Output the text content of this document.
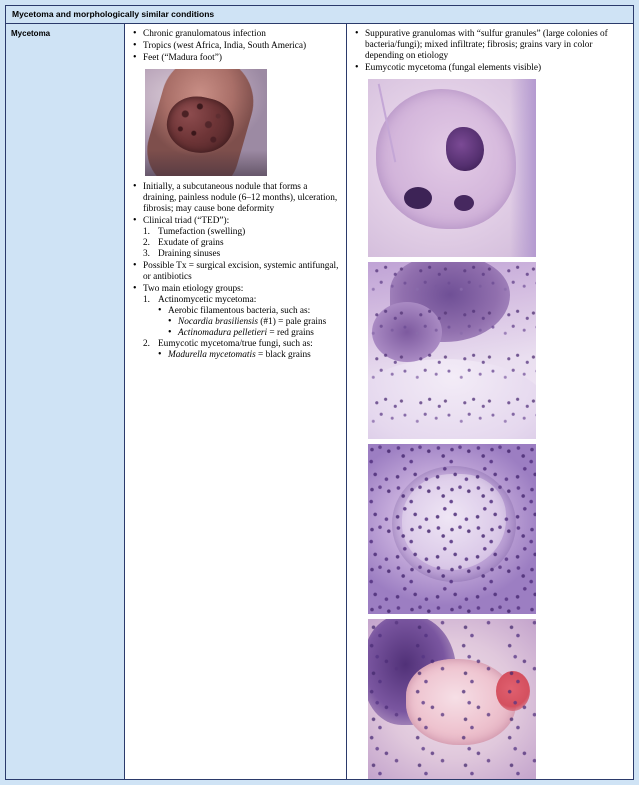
Mycetoma and morphologically similar conditions
Mycetoma	• Chronic granulomatous infection
• Tropics (west Africa, India, South America)
• Feet (“Madura foot”)
• Initially, a subcutaneous nodule that forms a draining, painless nodule (6–12 months), ulceration, fibrosis; may cause bone deformity
• Clinical triad (“TED”):
Tumefaction (swelling)
Exudate of grains
Draining sinuses
• Possible Tx = surgical excision, systemic antifungal, or antibiotics
• Two main etiology groups:
Actinomycetic mycetoma:
• Aerobic filamentous bacteria, such as:
• Nocardia brasiliensis (#1) = pale grains
• Actinomadura pelletieri = red grains
Eumycotic mycetoma/true fungi, such as:
• Madurella mycetomatis = black grains
• Suppurative granulomas with “sulfur granules” (large colonies of bacteria/fungi); mixed infiltrate; fibrosis; grains vary in color depending on etiology
• Eumycotic mycetoma (fungal elements visible)
